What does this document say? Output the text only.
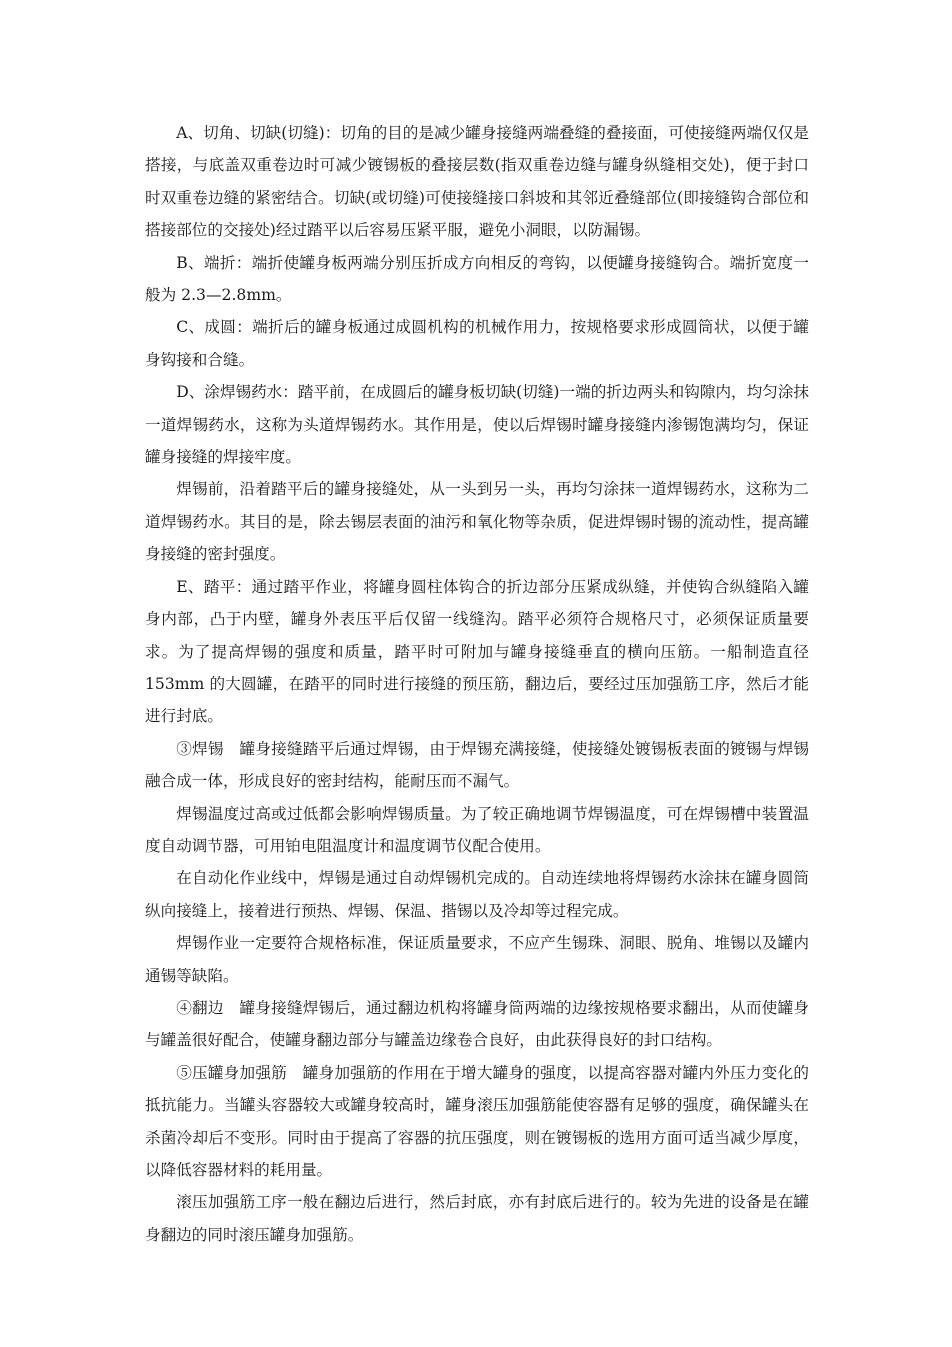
A、切角、切缺(切缝)：切角的目的是减少罐身接缝两端叠缝的叠接面，可使接缝两端仅仅是搭接，与底盖双重卷边时可减少镀锡板的叠接层数(指双重卷边缝与罐身纵缝相交处)，便于封口时双重卷边缝的紧密结合。切缺(或切缝)可使接缝接口斜坡和其邻近叠缝部位(即接缝钩合部位和搭接部位的交接处)经过踏平以后容易压紧平服，避免小洞眼，以防漏锡。

B、端折：端折使罐身板两端分别压折成方向相反的弯钩，以便罐身接缝钩合。端折宽度一般为 2.3—2.8mm。

C、成圆：端折后的罐身板通过成圆机构的机械作用力，按规格要求形成圆筒状，以便于罐身钩接和合缝。

D、涂焊锡药水：踏平前，在成圆后的罐身板切缺(切缝)一端的折边两头和钩隙内，均匀涂抹一道焊锡药水，这称为头道焊锡药水。其作用是，使以后焊锡时罐身接缝内渗锡饱满均匀，保证罐身接缝的焊接牢度。

焊锡前，沿着踏平后的罐身接缝处，从一头到另一头，再均匀涂抹一道焊锡药水，这称为二道焊锡药水。其目的是，除去锡层表面的油污和氧化物等杂质，促进焊锡时锡的流动性，提高罐身接缝的密封强度。

E、踏平：通过踏平作业，将罐身圆柱体钩合的折边部分压紧成纵缝，并使钩合纵缝陷入罐身内部，凸于内壁，罐身外表压平后仅留一线缝沟。踏平必须符合规格尺寸，必须保证质量要求。为了提高焊锡的强度和质量，踏平时可附加与罐身接缝垂直的横向压筋。一船制造直径 153mm 的大圆罐，在踏平的同时进行接缝的预压筋，翻边后，要经过压加强筋工序，然后才能进行封底。

③焊锡　罐身接缝踏平后通过焊锡，由于焊锡充满接缝，使接缝处镀锡板表面的镀锡与焊锡融合成一体，形成良好的密封结构，能耐压而不漏气。

焊锡温度过高或过低都会影响焊锡质量。为了较正确地调节焊锡温度，可在焊锡槽中装置温度自动调节器，可用铂电阻温度计和温度调节仪配合使用。

在自动化作业线中，焊锡是通过自动焊锡机完成的。自动连续地将焊锡药水涂抹在罐身圆筒纵向接缝上，接着进行预热、焊锡、保温、揩锡以及冷却等过程完成。

焊锡作业一定要符合规格标准，保证质量要求，不应产生锡珠、洞眼、脱角、堆锡以及罐内通锡等缺陷。

④翻边　罐身接缝焊锡后，通过翻边机构将罐身筒两端的边缘按规格要求翻出，从而使罐身与罐盖很好配合，使罐身翻边部分与罐盖边缘卷合良好，由此获得良好的封口结构。

⑤压罐身加强筋　罐身加强筋的作用在于增大罐身的强度，以提高容器对罐内外压力变化的抵抗能力。当罐头容器较大或罐身较高时，罐身滚压加强筋能使容器有足够的强度，确保罐头在杀菌冷却后不变形。同时由于提高了容器的抗压强度，则在镀锡板的选用方面可适当减少厚度，以降低容器材料的耗用量。

滚压加强筋工序一般在翻边后进行，然后封底，亦有封底后进行的。较为先进的设备是在罐身翻边的同时滚压罐身加强筋。
